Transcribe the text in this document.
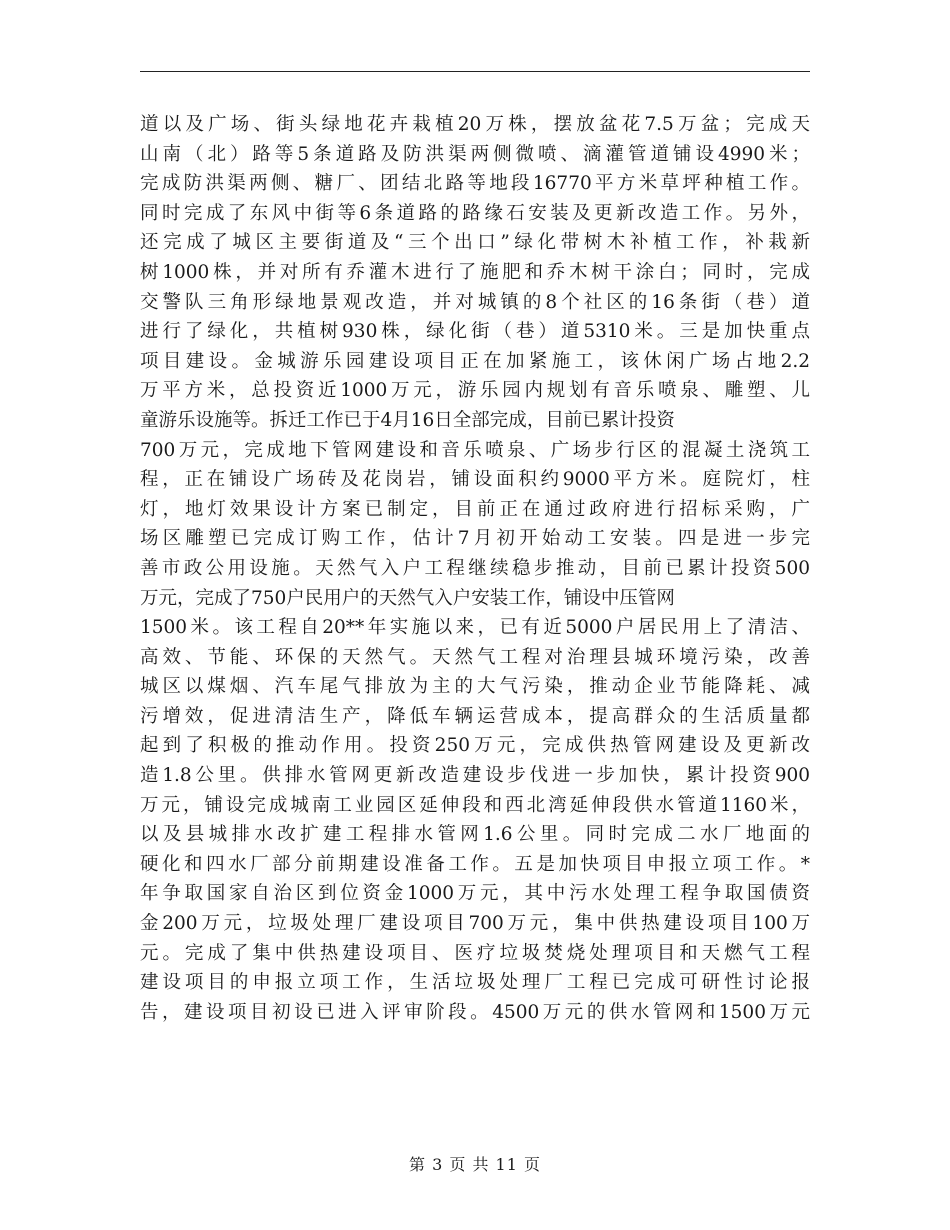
道以及广场、街头绿地花卉栽植20万株，摆放盆花7.5万盆；完成天
山南（北）路等5条道路及防洪渠两侧微喷、滴灌管道铺设4990米；
完成防洪渠两侧、糖厂、团结北路等地段16770平方米草坪种植工作。
同时完成了东风中街等6条道路的路缘石安装及更新改造工作。另外，
还完成了城区主要街道及“三个出口”绿化带树木补植工作，补栽新
树1000株，并对所有乔灌木进行了施肥和乔木树干涂白；同时，完成
交警队三角形绿地景观改造，并对城镇的8个社区的16条街（巷）道
进行了绿化，共植树930株，绿化街（巷）道5310米。三是加快重点
项目建设。金城游乐园建设项目正在加紧施工，该休闲广场占地2.2
万平方米，总投资近1000万元，游乐园内规划有音乐喷泉、雕塑、儿
童游乐设施等。拆迁工作已于4月16日全部完成，目前已累计投资
700万元，完成地下管网建设和音乐喷泉、广场步行区的混凝土浇筑工
程，正在铺设广场砖及花岗岩，铺设面积约9000平方米。庭院灯，柱
灯，地灯效果设计方案已制定，目前正在通过政府进行招标采购，广
场区雕塑已完成订购工作，估计7月初开始动工安装。四是进一步完
善市政公用设施。天然气入户工程继续稳步推动，目前已累计投资500
万元，完成了750户民用户的天然气入户安装工作，铺设中压管网
1500米。该工程自20**年实施以来，已有近5000户居民用上了清洁、
高效、节能、环保的天然气。天然气工程对治理县城环境污染，改善
城区以煤烟、汽车尾气排放为主的大气污染，推动企业节能降耗、减
污增效，促进清洁生产，降低车辆运营成本，提高群众的生活质量都
起到了积极的推动作用。投资250万元，完成供热管网建设及更新改
造1.8公里。供排水管网更新改造建设步伐进一步加快，累计投资900
万元，铺设完成城南工业园区延伸段和西北湾延伸段供水管道1160米，
以及县城排水改扩建工程排水管网1.6公里。同时完成二水厂地面的
硬化和四水厂部分前期建设准备工作。五是加快项目申报立项工作。*
年争取国家自治区到位资金1000万元，其中污水处理工程争取国债资
金200万元，垃圾处理厂建设项目700万元，集中供热建设项目100万
元。完成了集中供热建设项目、医疗垃圾焚烧处理项目和天燃气工程
建设项目的申报立项工作，生活垃圾处理厂工程已完成可研性讨论报
告，建设项目初设已进入评审阶段。4500万元的供水管网和1500万元
第 3 页 共 11 页
